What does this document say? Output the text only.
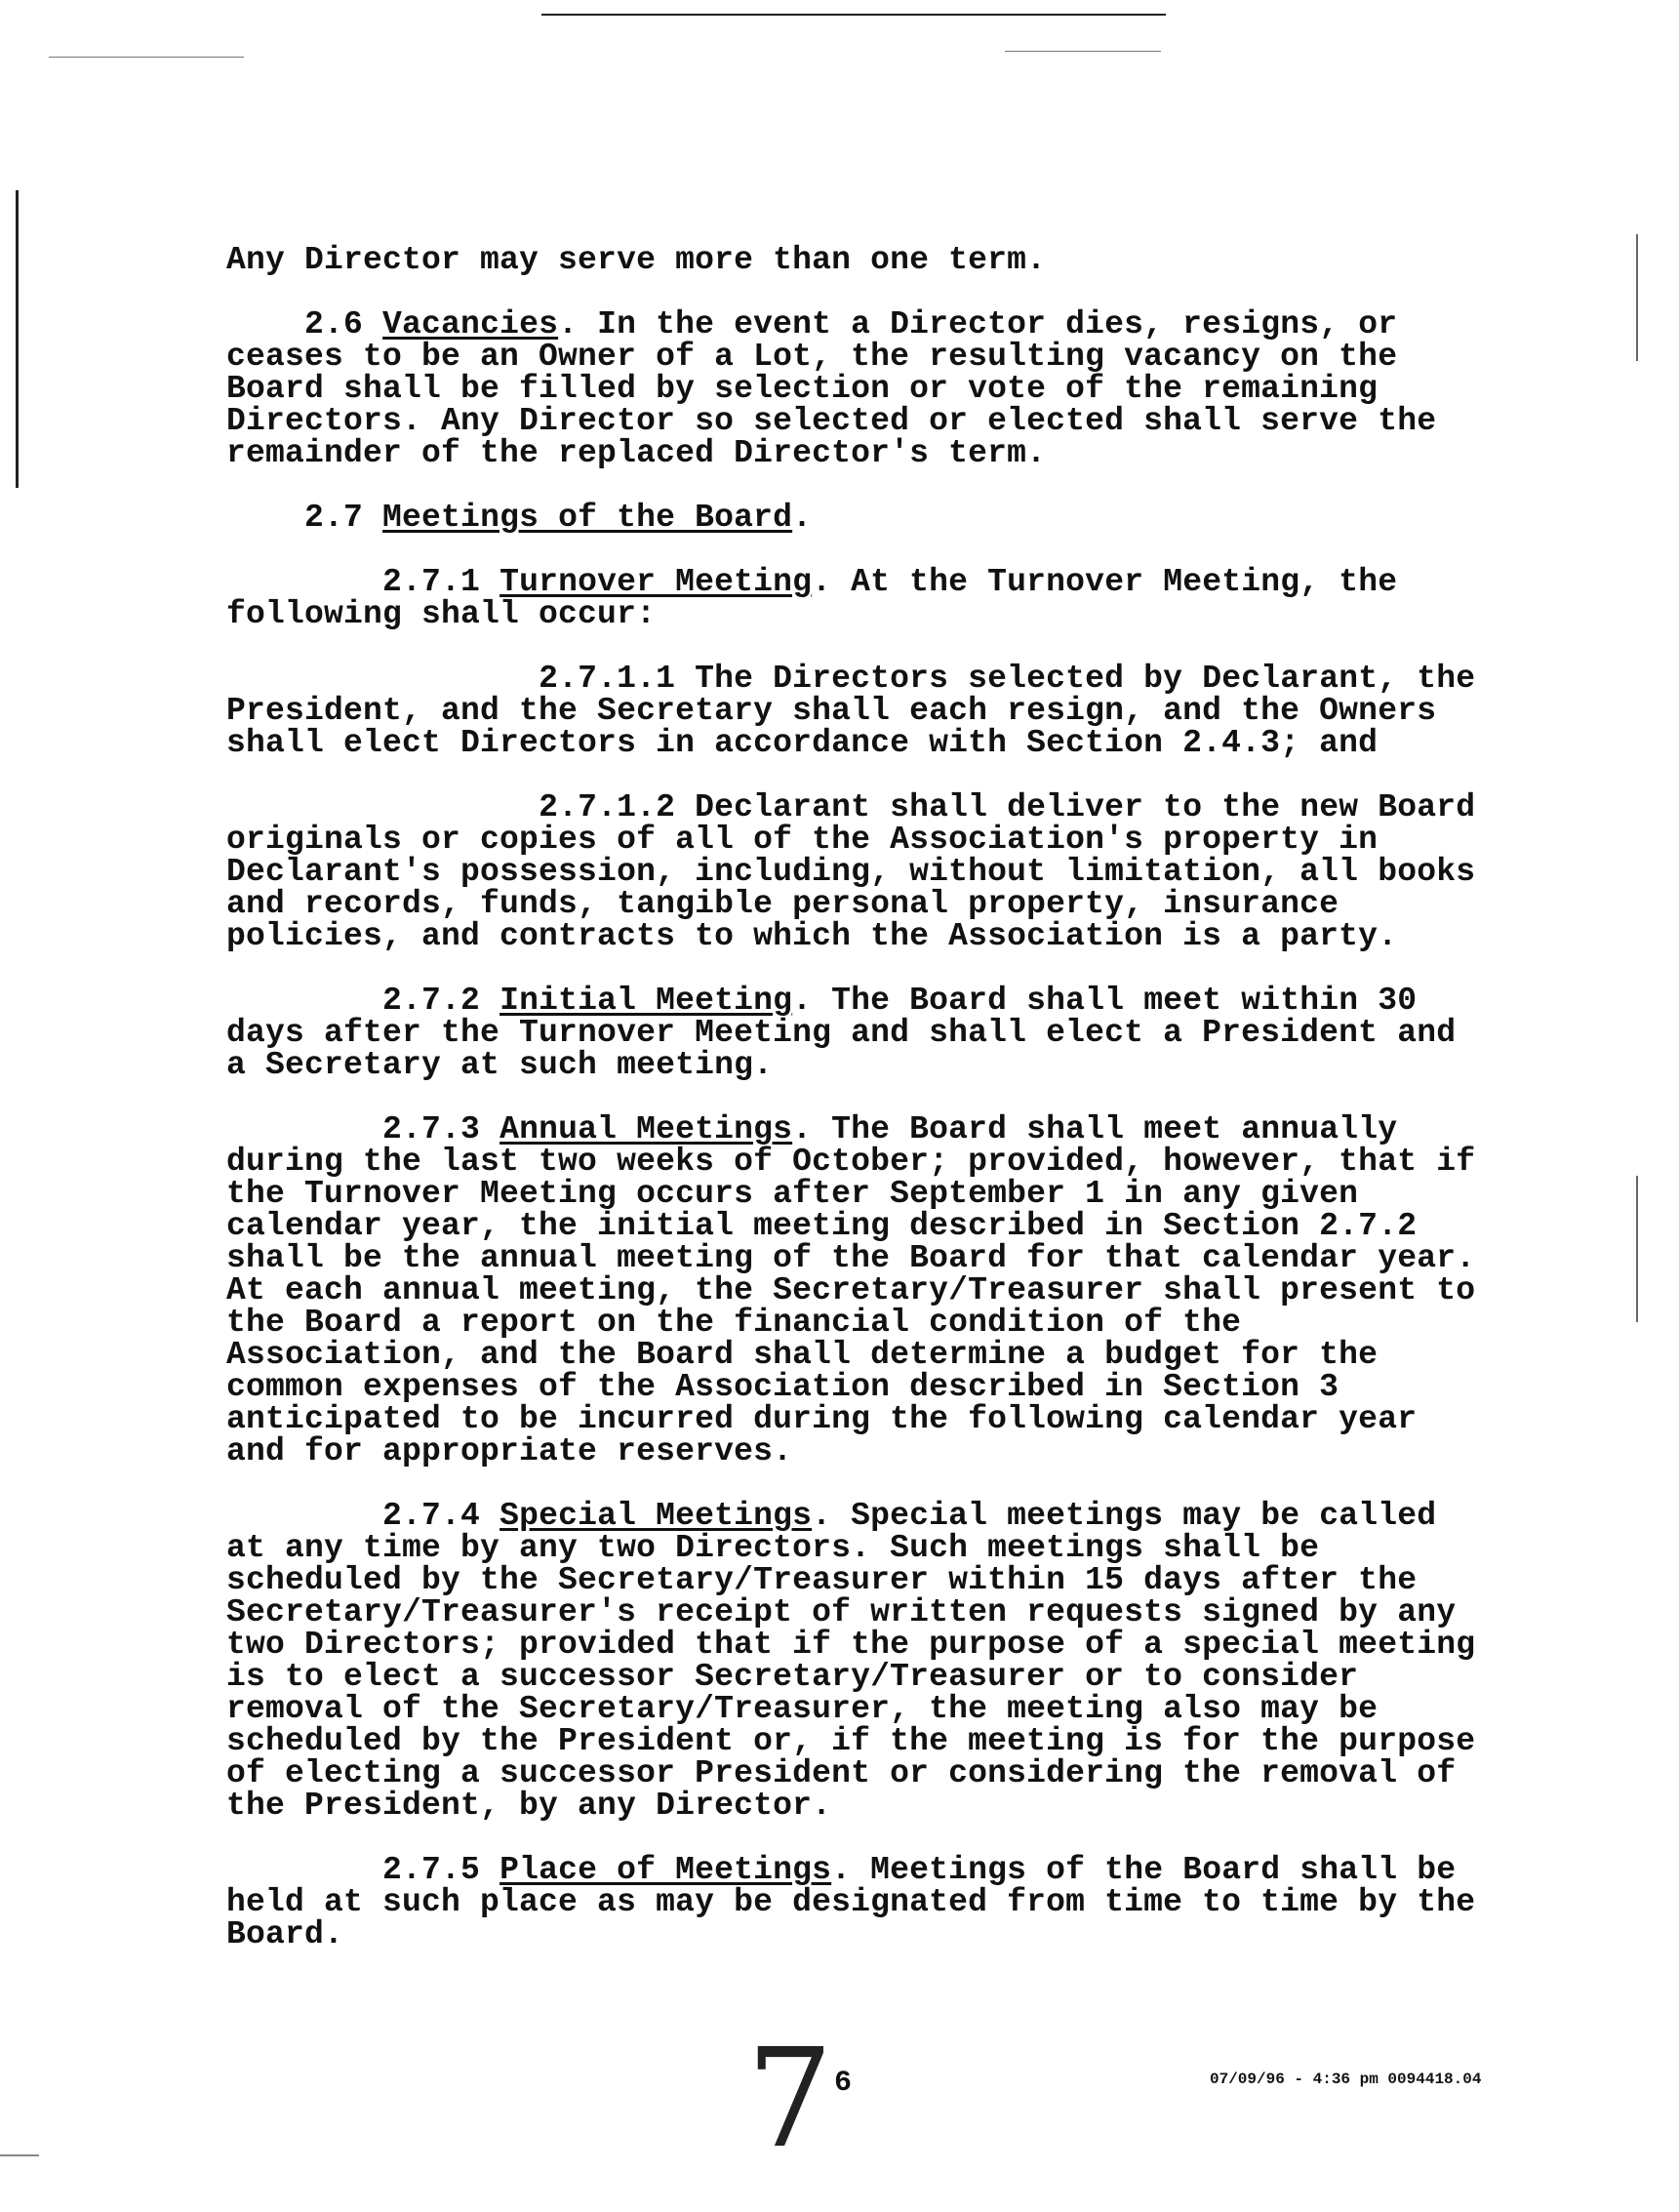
Any Director may serve more than one term.

2.6 Vacancies. In the event a Director dies, resigns, or ceases to be an Owner of a Lot, the resulting vacancy on the Board shall be filled by selection or vote of the remaining Directors. Any Director so selected or elected shall serve the remainder of the replaced Director's term.

2.7 Meetings of the Board.

2.7.1 Turnover Meeting. At the Turnover Meeting, the following shall occur:

2.7.1.1 The Directors selected by Declarant, the President, and the Secretary shall each resign, and the Owners shall elect Directors in accordance with Section 2.4.3; and

2.7.1.2 Declarant shall deliver to the new Board originals or copies of all of the Association's property in Declarant's possession, including, without limitation, all books and records, funds, tangible personal property, insurance policies, and contracts to which the Association is a party.

2.7.2 Initial Meeting. The Board shall meet within 30 days after the Turnover Meeting and shall elect a President and a Secretary at such meeting.

2.7.3 Annual Meetings. The Board shall meet annually during the last two weeks of October; provided, however, that if the Turnover Meeting occurs after September 1 in any given calendar year, the initial meeting described in Section 2.7.2 shall be the annual meeting of the Board for that calendar year. At each annual meeting, the Secretary/Treasurer shall present to the Board a report on the financial condition of the Association, and the Board shall determine a budget for the common expenses of the Association described in Section 3 anticipated to be incurred during the following calendar year and for appropriate reserves.

2.7.4 Special Meetings. Special meetings may be called at any time by any two Directors. Such meetings shall be scheduled by the Secretary/Treasurer within 15 days after the Secretary/Treasurer's receipt of written requests signed by any two Directors; provided that if the purpose of a special meeting is to elect a successor Secretary/Treasurer or to consider removal of the Secretary/Treasurer, the meeting also may be scheduled by the President or, if the meeting is for the purpose of electing a successor President or considering the removal of the President, by any Director.

2.7.5 Place of Meetings. Meetings of the Board shall be held at such place as may be designated from time to time by the Board.

7 6	07/09/96 - 4:36 pm 0094418.04
